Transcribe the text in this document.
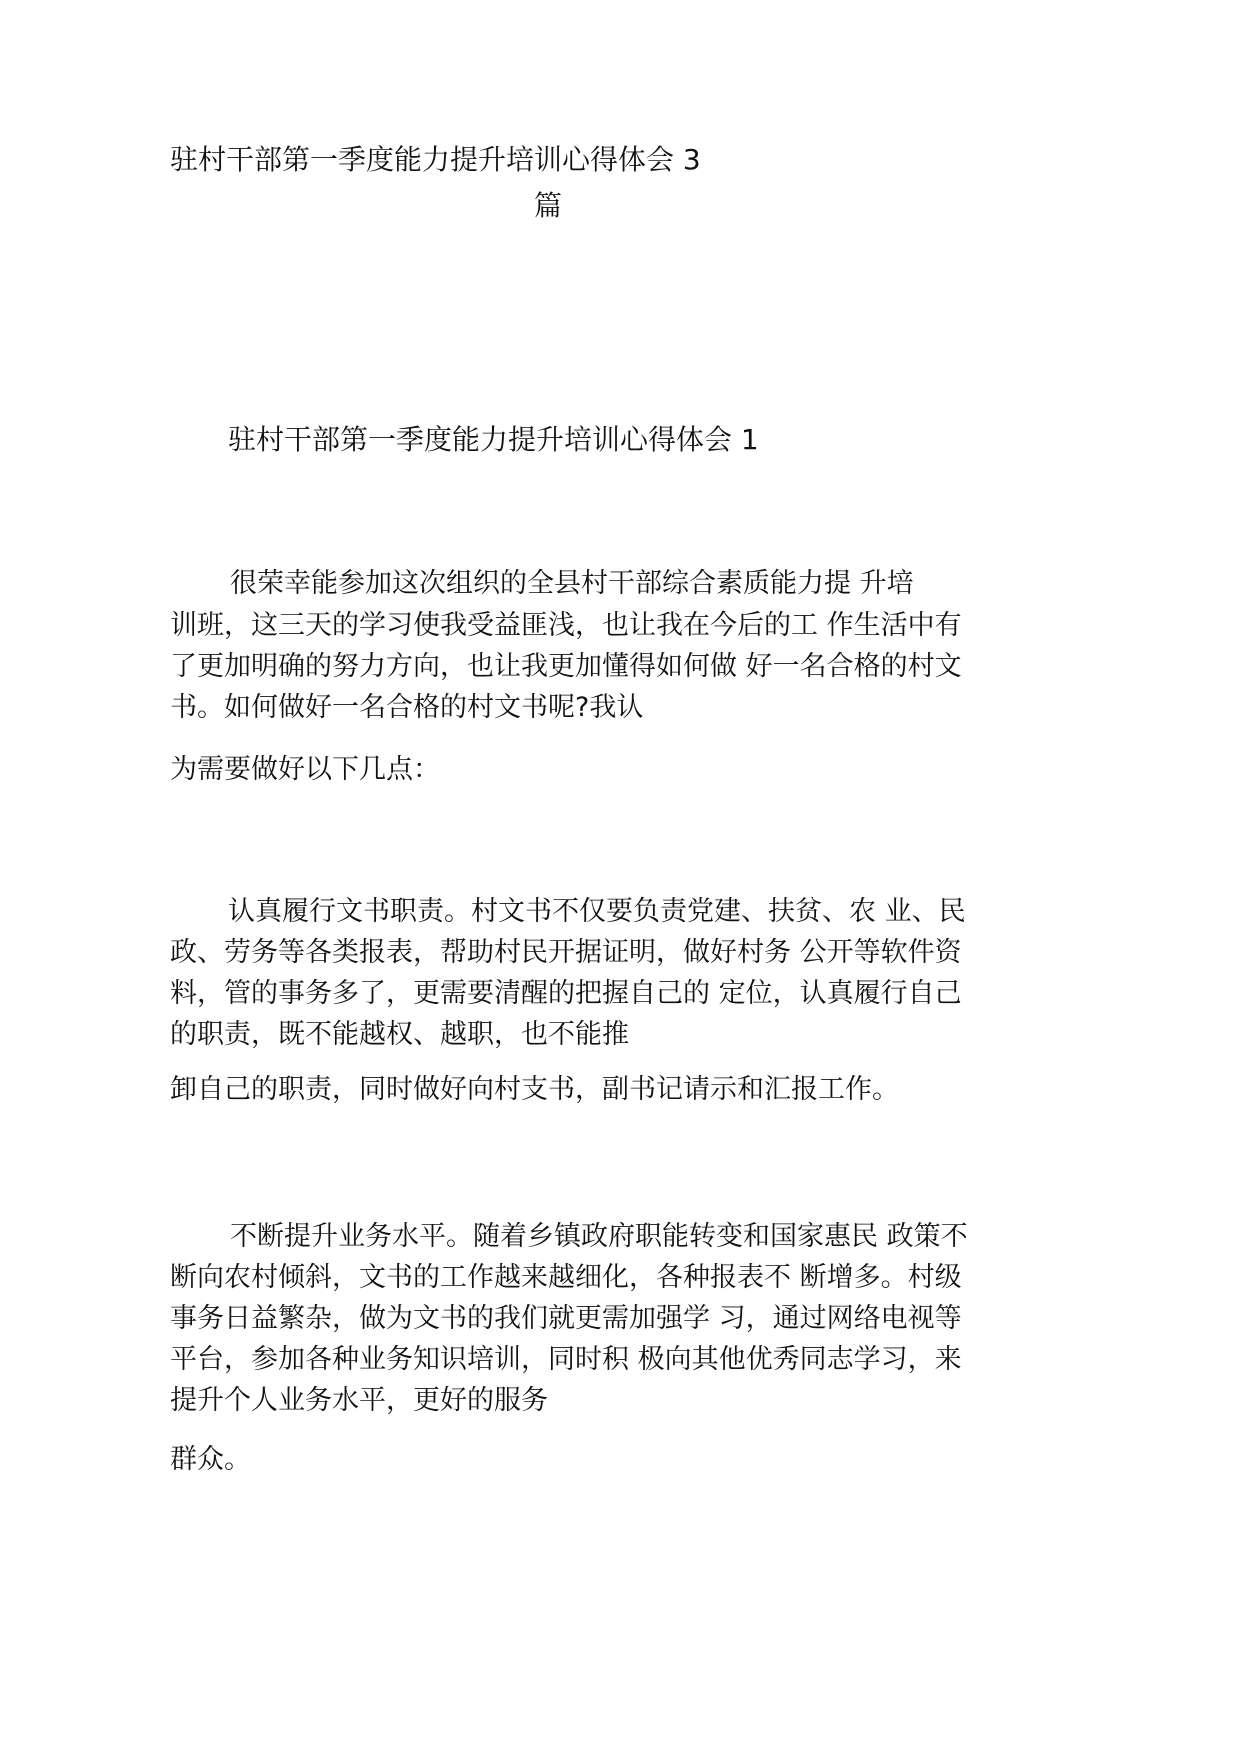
驻村干部第一季度能力提升培训心得体会 3
篇
驻村干部第一季度能力提升培训心得体会 1
很荣幸能参加这次组织的全县村干部综合素质能力提 升培
训班，这三天的学习使我受益匪浅，也让我在今后的工 作生活中有
了更加明确的努力方向，也让我更加懂得如何做 好一名合格的村文
书。如何做好一名合格的村文书呢?我认
为需要做好以下几点：
认真履行文书职责。村文书不仅要负责党建、扶贫、农 业、民
政、劳务等各类报表，帮助村民开据证明，做好村务 公开等软件资
料，管的事务多了，更需要清醒的把握自己的 定位，认真履行自己
的职责，既不能越权、越职，也不能推
卸自己的职责，同时做好向村支书，副书记请示和汇报工作。
不断提升业务水平。随着乡镇政府职能转变和国家惠民 政策不
断向农村倾斜，文书的工作越来越细化，各种报表不 断增多。村级
事务日益繁杂，做为文书的我们就更需加强学 习，通过网络电视等
平台，参加各种业务知识培训，同时积 极向其他优秀同志学习，来
提升个人业务水平，更好的服务
群众。
